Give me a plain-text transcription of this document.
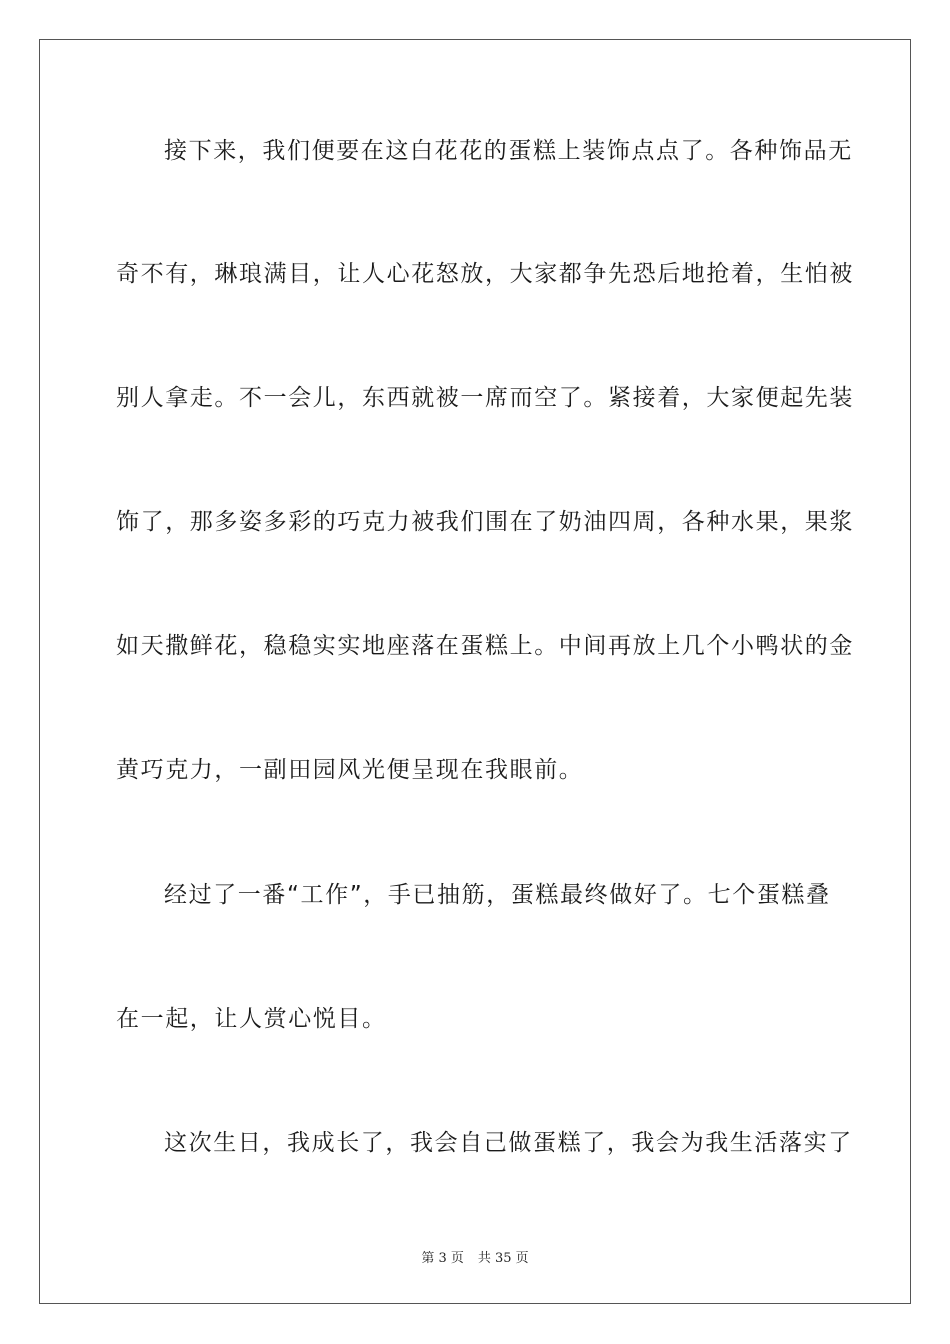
接下来，我们便要在这白花花的蛋糕上装饰点点了。各种饰品无
奇不有，琳琅满目，让人心花怒放，大家都争先恐后地抢着，生怕被
别人拿走。不一会儿，东西就被一席而空了。紧接着，大家便起先装
饰了，那多姿多彩的巧克力被我们围在了奶油四周，各种水果，果浆
如天撒鲜花，稳稳实实地座落在蛋糕上。中间再放上几个小鸭状的金
黄巧克力，一副田园风光便呈现在我眼前。
经过了一番“工作”，手已抽筋，蛋糕最终做好了。七个蛋糕叠
在一起，让人赏心悦目。
这次生日，我成长了，我会自己做蛋糕了，我会为我生活落实了
第 3 页 共 35 页
